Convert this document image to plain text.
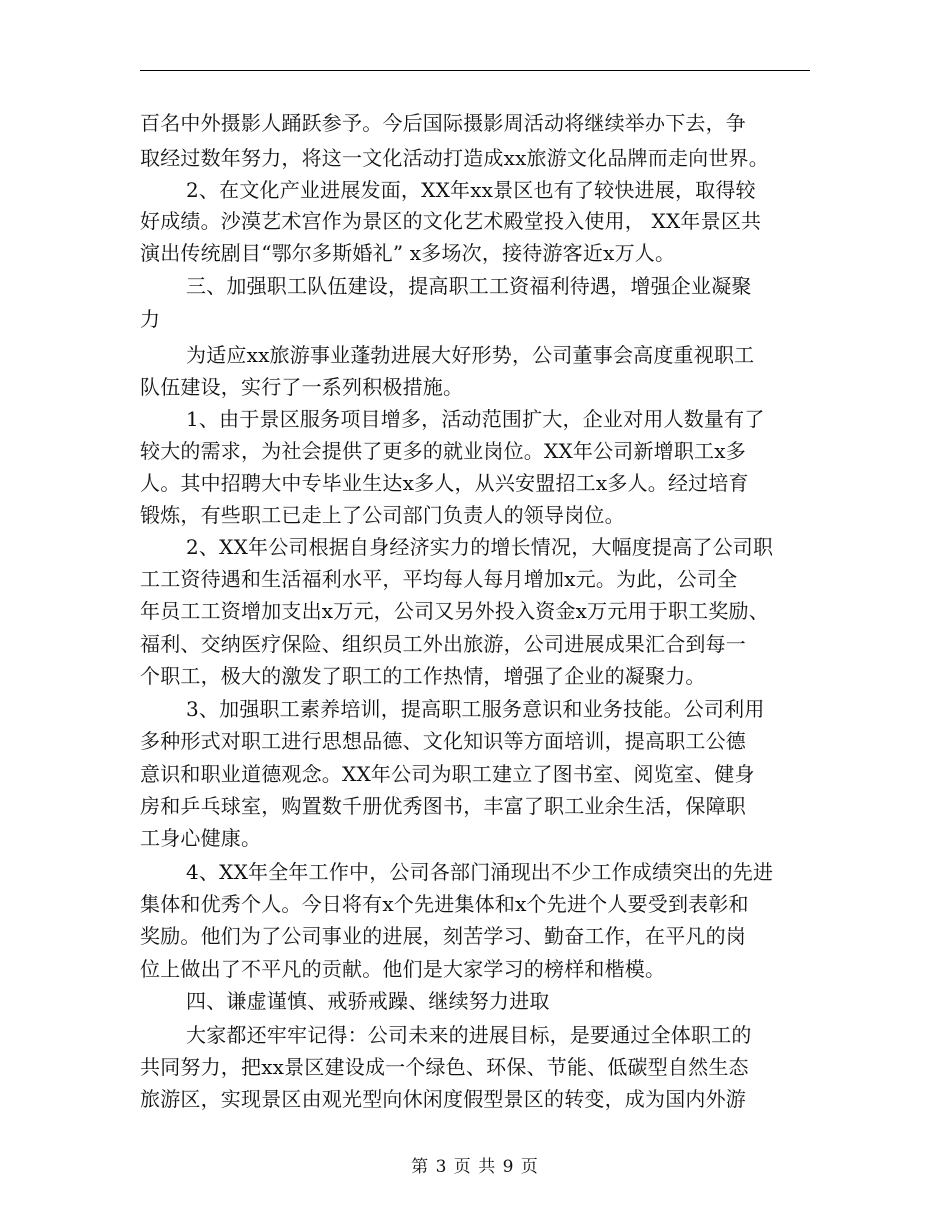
百名中外摄影人踊跃参予。今后国际摄影周活动将继续举办下去，争
取经过数年努力，将这一文化活动打造成xx旅游文化品牌而走向世界。
2、在文化产业进展发面，XX年xx景区也有了较快进展，取得较
好成绩。沙漠艺术宫作为景区的文化艺术殿堂投入使用， XX年景区共
演出传统剧目“鄂尔多斯婚礼” x多场次，接待游客近x万人。
三、加强职工队伍建设，提高职工工资福利待遇，增强企业凝聚
力
为适应xx旅游事业蓬勃进展大好形势，公司董事会高度重视职工
队伍建设，实行了一系列积极措施。
1、由于景区服务项目增多，活动范围扩大，企业对用人数量有了
较大的需求，为社会提供了更多的就业岗位。XX年公司新增职工x多
人。其中招聘大中专毕业生达x多人，从兴安盟招工x多人。经过培育
锻炼，有些职工已走上了公司部门负责人的领导岗位。
2、XX年公司根据自身经济实力的增长情况，大幅度提高了公司职
工工资待遇和生活福利水平，平均每人每月增加x元。为此，公司全
年员工工资增加支出x万元，公司又另外投入资金x万元用于职工奖励、
福利、交纳医疗保险、组织员工外出旅游，公司进展成果汇合到每一
个职工，极大的激发了职工的工作热情，增强了企业的凝聚力。
3、加强职工素养培训，提高职工服务意识和业务技能。公司利用
多种形式对职工进行思想品德、文化知识等方面培训，提高职工公德
意识和职业道德观念。XX年公司为职工建立了图书室、阅览室、健身
房和乒乓球室，购置数千册优秀图书，丰富了职工业余生活，保障职
工身心健康。
4、XX年全年工作中，公司各部门涌现出不少工作成绩突出的先进
集体和优秀个人。今日将有x个先进集体和x个先进个人要受到表彰和
奖励。他们为了公司事业的进展，刻苦学习、勤奋工作，在平凡的岗
位上做出了不平凡的贡献。他们是大家学习的榜样和楷模。
四、谦虚谨慎、戒骄戒躁、继续努力进取
大家都还牢牢记得：公司未来的进展目标，是要通过全体职工的
共同努力，把xx景区建设成一个绿色、环保、节能、低碳型自然生态
旅游区，实现景区由观光型向休闲度假型景区的转变，成为国内外游
第 3 页 共 9 页
